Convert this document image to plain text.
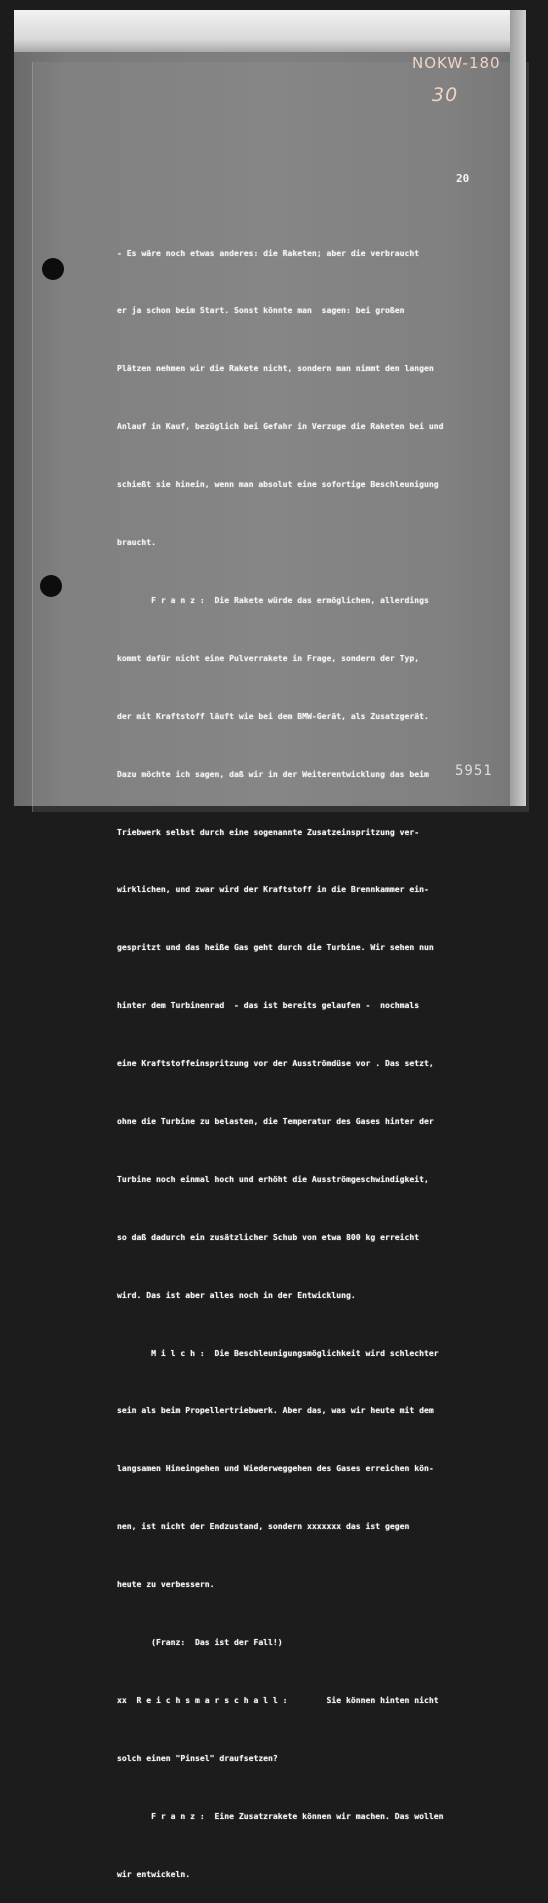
NOKW-180
30
20

- Es wäre noch etwas anderes: die Raketen; aber die verbraucht

er ja schon beim Start. Sonst könnte man  sagen: bei großen

Plätzen nehmen wir die Rakete nicht, sondern man nimmt den langen

Anlauf in Kauf, bezüglich bei Gefahr in Verzuge die Raketen bei und

schießt sie hinein, wenn man absolut eine sofortige Beschleunigung

braucht.

F r a n z :  Die Rakete würde das ermöglichen, allerdings

kommt dafür nicht eine Pulverrakete in Frage, sondern der Typ,

der mit Kraftstoff läuft wie bei dem BMW-Gerät, als Zusatzgerät.

Dazu möchte ich sagen, daß wir in der Weiterentwicklung das beim

Triebwerk selbst durch eine sogenannte Zusatzeinspritzung ver-

wirklichen, und zwar wird der Kraftstoff in die Brennkammer ein-

gespritzt und das heiße Gas geht durch die Turbine. Wir sehen nun

hinter dem Turbinenrad  - das ist bereits gelaufen -  nochmals

eine Kraftstoffeinspritzung vor der Ausströmdüse vor . Das setzt,

ohne die Turbine zu belasten, die Temperatur des Gases hinter der

Turbine noch einmal hoch und erhöht die Ausströmgeschwindigkeit,

so daß dadurch ein zusätzlicher Schub von etwa 800 kg erreicht

wird. Das ist aber alles noch in der Entwicklung.

M i l c h :  Die Beschleunigungsmöglichkeit wird schlechter

sein als beim Propellertriebwerk. Aber das, was wir heute mit dem

langsamen Hineingehen und Wiederweggehen des Gases erreichen kön-

nen, ist nicht der Endzustand, sondern xxxxxxx das ist gegen

heute zu verbessern.

(Franz:  Das ist der Fall!)

xx  R e i c h s m a r s c h a l l :        Sie können hinten nicht

solch einen "Pinsel" draufsetzen?

F r a n z :  Eine Zusatzrakete können wir machen. Das wollen

wir entwickeln.

5951
